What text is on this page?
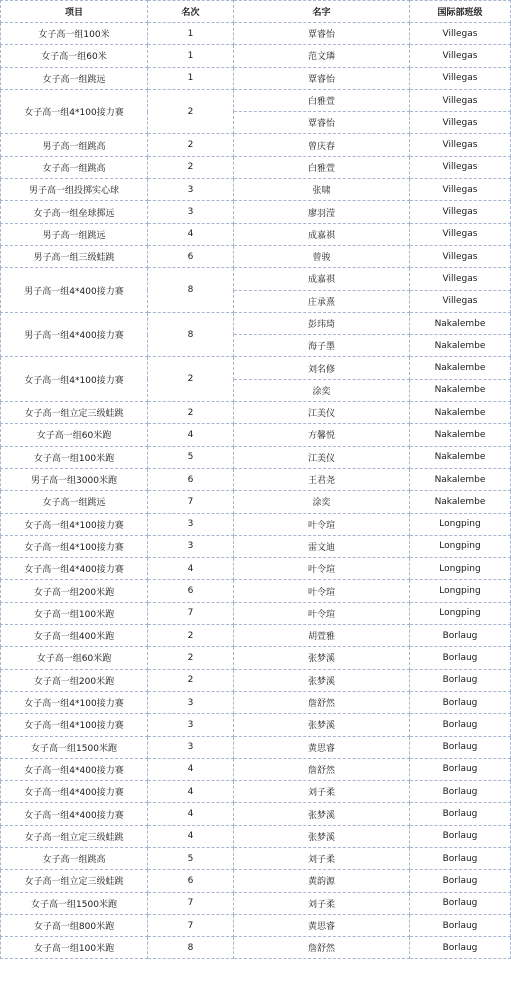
项目	名次	名字	国际部班级
女子高一组100米	1	覃睿怡	Villegas
女子高一组60米	1	范文璘	Villegas
女子高一组跳远	1	覃睿怡	Villegas
女子高一组4*100接力赛	2	白雅萱	Villegas
		覃睿怡	Villegas
男子高一组跳高	2	曾庆春	Villegas
女子高一组跳高	2	白雅萱	Villegas
男子高一组投掷实心球	3	张啸	Villegas
女子高一组垒球掷远	3	廖羽滢	Villegas
男子高一组跳远	4	成嘉祺	Villegas
男子高一组三级蛙跳	6	曾骏	Villegas
男子高一组4*400接力赛	8	成嘉祺	Villegas
		庄承熹	Villegas
男子高一组4*400接力赛	8	彭玮琦	Nakalembe
		海子墨	Nakalembe
女子高一组4*100接力赛	2	刘名修	Nakalembe
		涂奕	Nakalembe
女子高一组立定三级蛙跳	2	江美仪	Nakalembe
女子高一组60米跑	4	方馨悦	Nakalembe
女子高一组100米跑	5	江美仪	Nakalembe
男子高一组3000米跑	6	王君尧	Nakalembe
女子高一组跳远	7	涂奕	Nakalembe
女子高一组4*100接力赛	3	叶令瑄	Longping
女子高一组4*100接力赛	3	雷文迪	Longping
女子高一组4*400接力赛	4	叶令瑄	Longping
女子高一组200米跑	6	叶令瑄	Longping
女子高一组100米跑	7	叶令瑄	Longping
女子高一组400米跑	2	胡萱雅	Borlaug
女子高一组60米跑	2	张梦溪	Borlaug
女子高一组200米跑	2	张梦溪	Borlaug
女子高一组4*100接力赛	3	詹舒然	Borlaug
女子高一组4*100接力赛	3	张梦溪	Borlaug
女子高一组1500米跑	3	黄思睿	Borlaug
女子高一组4*400接力赛	4	詹舒然	Borlaug
女子高一组4*400接力赛	4	刘子柔	Borlaug
女子高一组4*400接力赛	4	张梦溪	Borlaug
女子高一组立定三级蛙跳	4	张梦溪	Borlaug
女子高一组跳高	5	刘子柔	Borlaug
女子高一组立定三级蛙跳	6	黄韵源	Borlaug
女子高一组1500米跑	7	刘子柔	Borlaug
女子高一组800米跑	7	黄思睿	Borlaug
女子高一组100米跑	8	詹舒然	Borlaug
